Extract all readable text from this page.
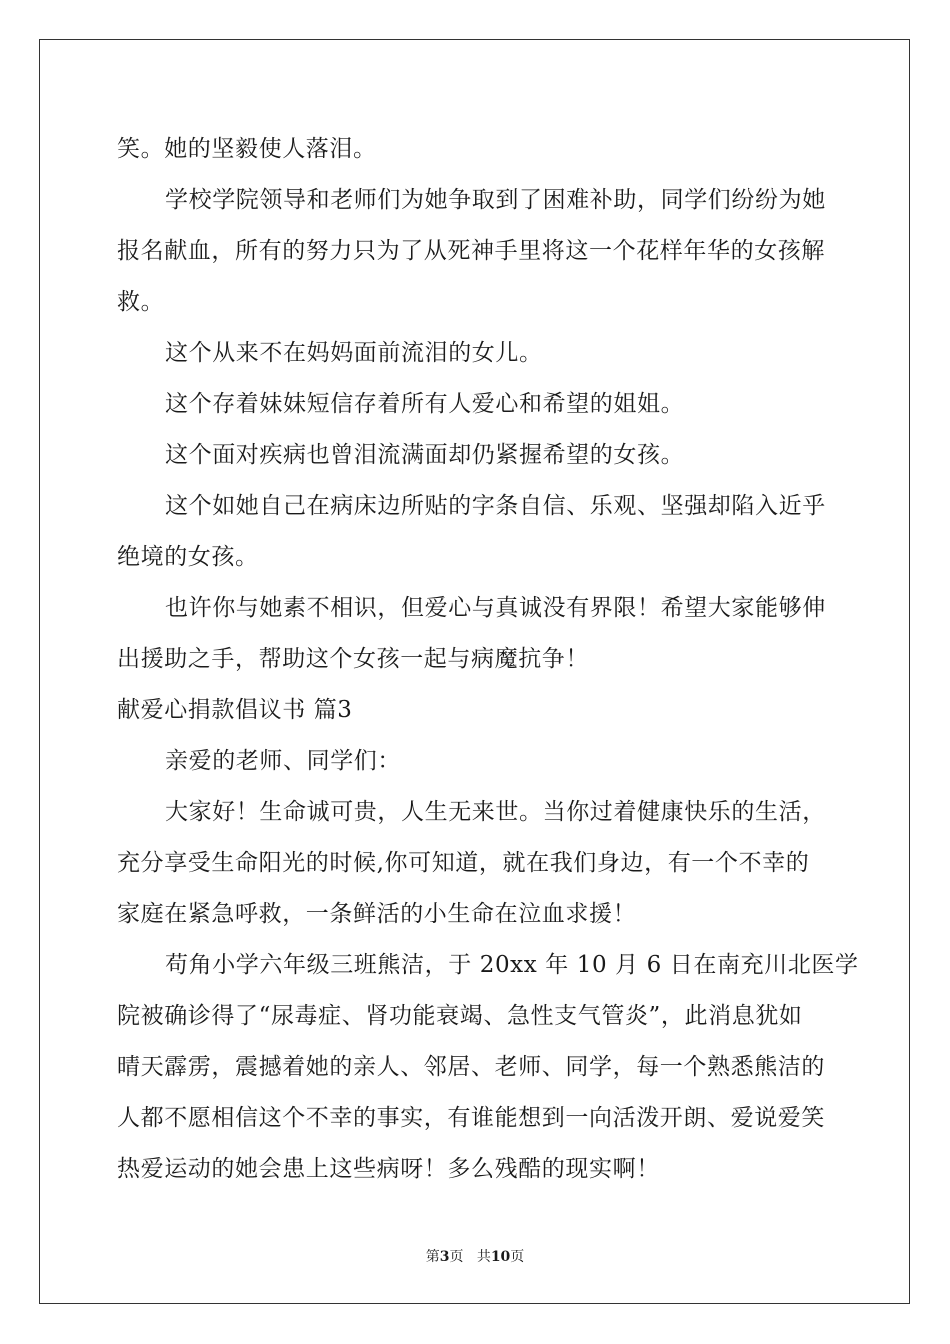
笑。她的坚毅使人落泪。
学校学院领导和老师们为她争取到了困难补助，同学们纷纷为她
报名献血，所有的努力只为了从死神手里将这一个花样年华的女孩解
救。
这个从来不在妈妈面前流泪的女儿。
这个存着妹妹短信存着所有人爱心和希望的姐姐。
这个面对疾病也曾泪流满面却仍紧握希望的女孩。
这个如她自己在病床边所贴的字条自信、乐观、坚强却陷入近乎
绝境的女孩。
也许你与她素不相识，但爱心与真诚没有界限！希望大家能够伸
出援助之手，帮助这个女孩一起与病魔抗争！
献爱心捐款倡议书 篇3
亲爱的老师、同学们：
大家好！生命诚可贵，人生无来世。当你过着健康快乐的生活，
充分享受生命阳光的时候,你可知道，就在我们身边，有一个不幸的
家庭在紧急呼救，一条鲜活的小生命在泣血求援！
苟角小学六年级三班熊洁，于 20xx 年 10 月 6 日在南充川北医学
院被确诊得了“尿毒症、肾功能衰竭、急性支气管炎”，此消息犹如
晴天霹雳，震撼着她的亲人、邻居、老师、同学，每一个熟悉熊洁的
人都不愿相信这个不幸的事实，有谁能想到一向活泼开朗、爱说爱笑
热爱运动的她会患上这些病呀！多么残酷的现实啊！
第3页 共10页
